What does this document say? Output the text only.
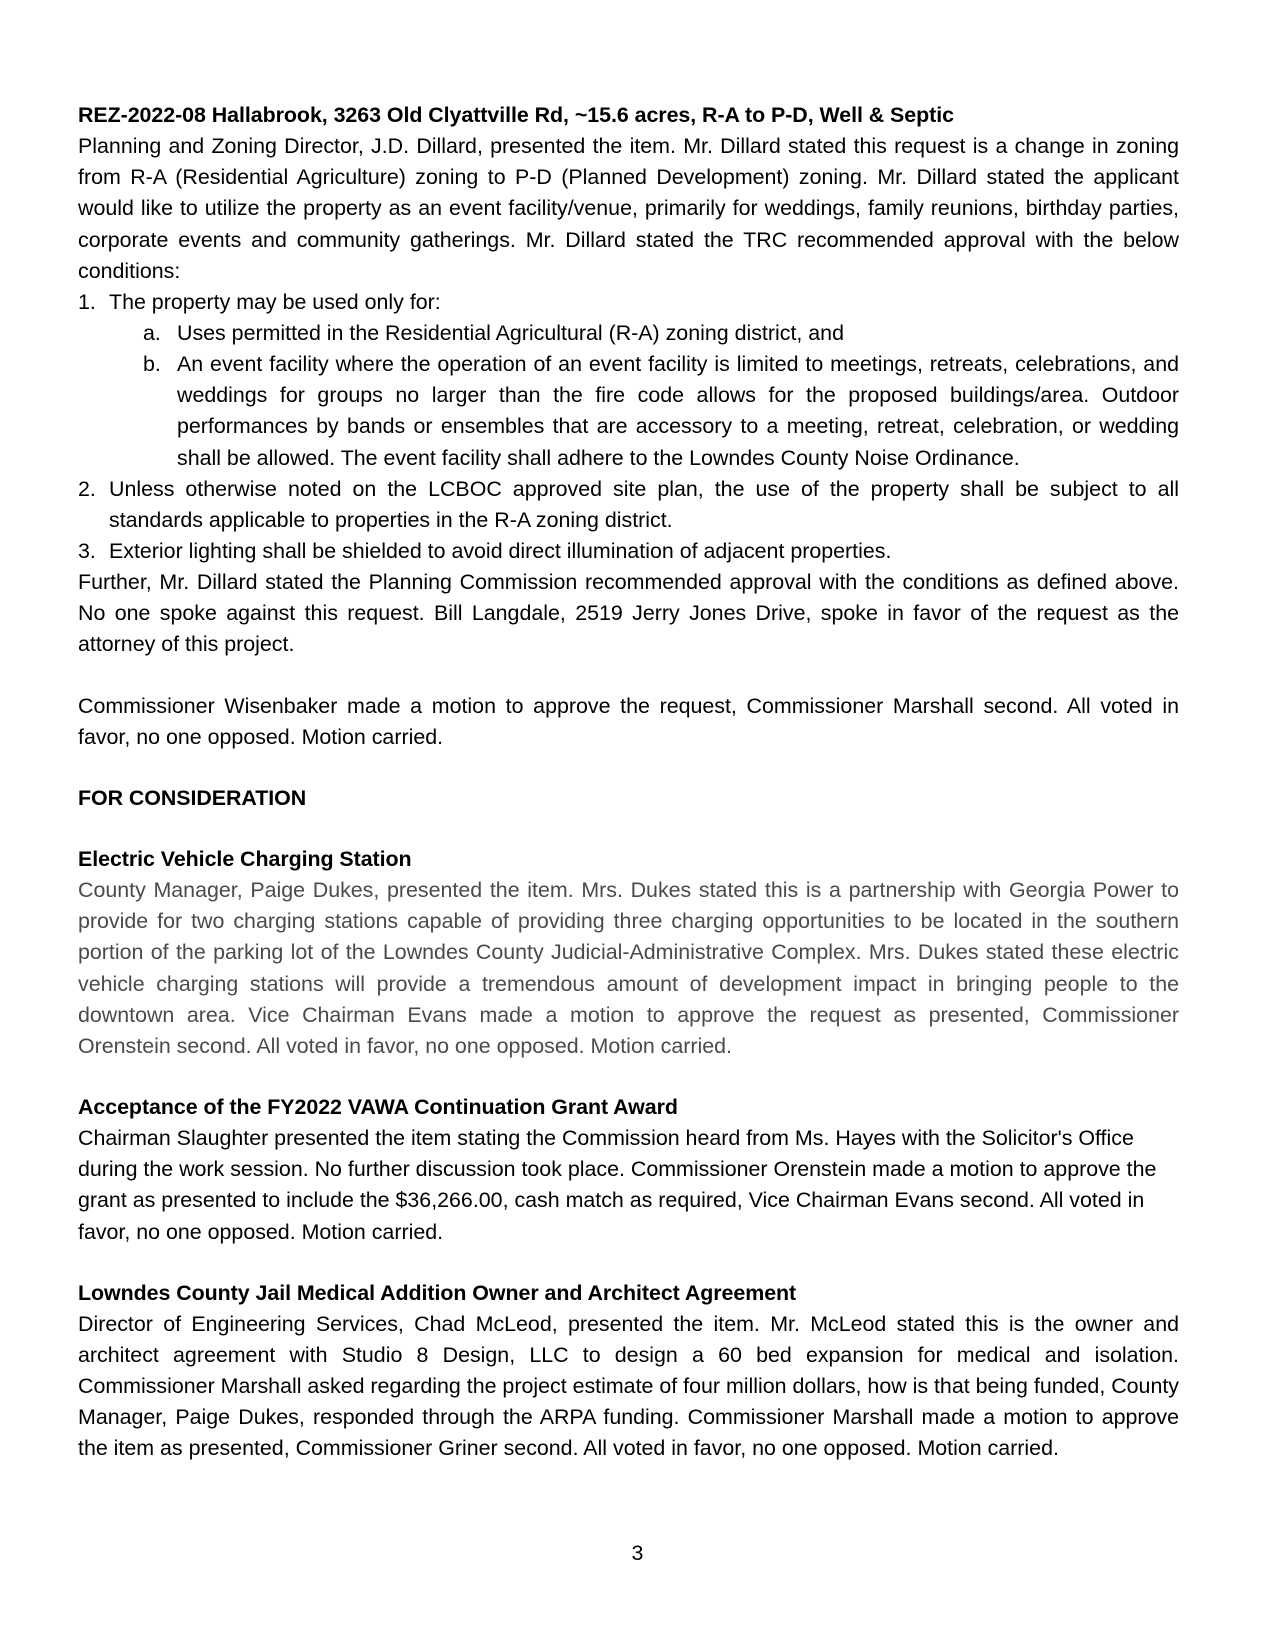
REZ-2022-08 Hallabrook, 3263 Old Clyattville Rd, ~15.6 acres, R-A to P-D, Well & Septic

Planning and Zoning Director, J.D. Dillard, presented the item. Mr. Dillard stated this request is a change in zoning from R-A (Residential Agriculture) zoning to P-D (Planned Development) zoning. Mr. Dillard stated the applicant would like to utilize the property as an event facility/venue, primarily for weddings, family reunions, birthday parties, corporate events and community gatherings. Mr. Dillard stated the TRC recommended approval with the below conditions:

1. The property may be used only for:
a. Uses permitted in the Residential Agricultural (R-A) zoning district, and
b. An event facility where the operation of an event facility is limited to meetings, retreats, celebrations, and weddings for groups no larger than the fire code allows for the proposed buildings/area. Outdoor performances by bands or ensembles that are accessory to a meeting, retreat, celebration, or wedding shall be allowed. The event facility shall adhere to the Lowndes County Noise Ordinance.
2. Unless otherwise noted on the LCBOC approved site plan, the use of the property shall be subject to all standards applicable to properties in the R-A zoning district.
3. Exterior lighting shall be shielded to avoid direct illumination of adjacent properties.

Further, Mr. Dillard stated the Planning Commission recommended approval with the conditions as defined above. No one spoke against this request. Bill Langdale, 2519 Jerry Jones Drive, spoke in favor of the request as the attorney of this project.

Commissioner Wisenbaker made a motion to approve the request, Commissioner Marshall second. All voted in favor, no one opposed. Motion carried.

FOR CONSIDERATION

Electric Vehicle Charging Station

County Manager, Paige Dukes, presented the item. Mrs. Dukes stated this is a partnership with Georgia Power to provide for two charging stations capable of providing three charging opportunities to be located in the southern portion of the parking lot of the Lowndes County Judicial-Administrative Complex. Mrs. Dukes stated these electric vehicle charging stations will provide a tremendous amount of development impact in bringing people to the downtown area. Vice Chairman Evans made a motion to approve the request as presented, Commissioner Orenstein second. All voted in favor, no one opposed. Motion carried.

Acceptance of the FY2022 VAWA Continuation Grant Award

Chairman Slaughter presented the item stating the Commission heard from Ms. Hayes with the Solicitor's Office during the work session. No further discussion took place. Commissioner Orenstein made a motion to approve the grant as presented to include the $36,266.00, cash match as required, Vice Chairman Evans second. All voted in favor, no one opposed. Motion carried.

Lowndes County Jail Medical Addition Owner and Architect Agreement

Director of Engineering Services, Chad McLeod, presented the item. Mr. McLeod stated this is the owner and architect agreement with Studio 8 Design, LLC to design a 60 bed expansion for medical and isolation. Commissioner Marshall asked regarding the project estimate of four million dollars, how is that being funded, County Manager, Paige Dukes, responded through the ARPA funding. Commissioner Marshall made a motion to approve the item as presented, Commissioner Griner second. All voted in favor, no one opposed. Motion carried.

3
